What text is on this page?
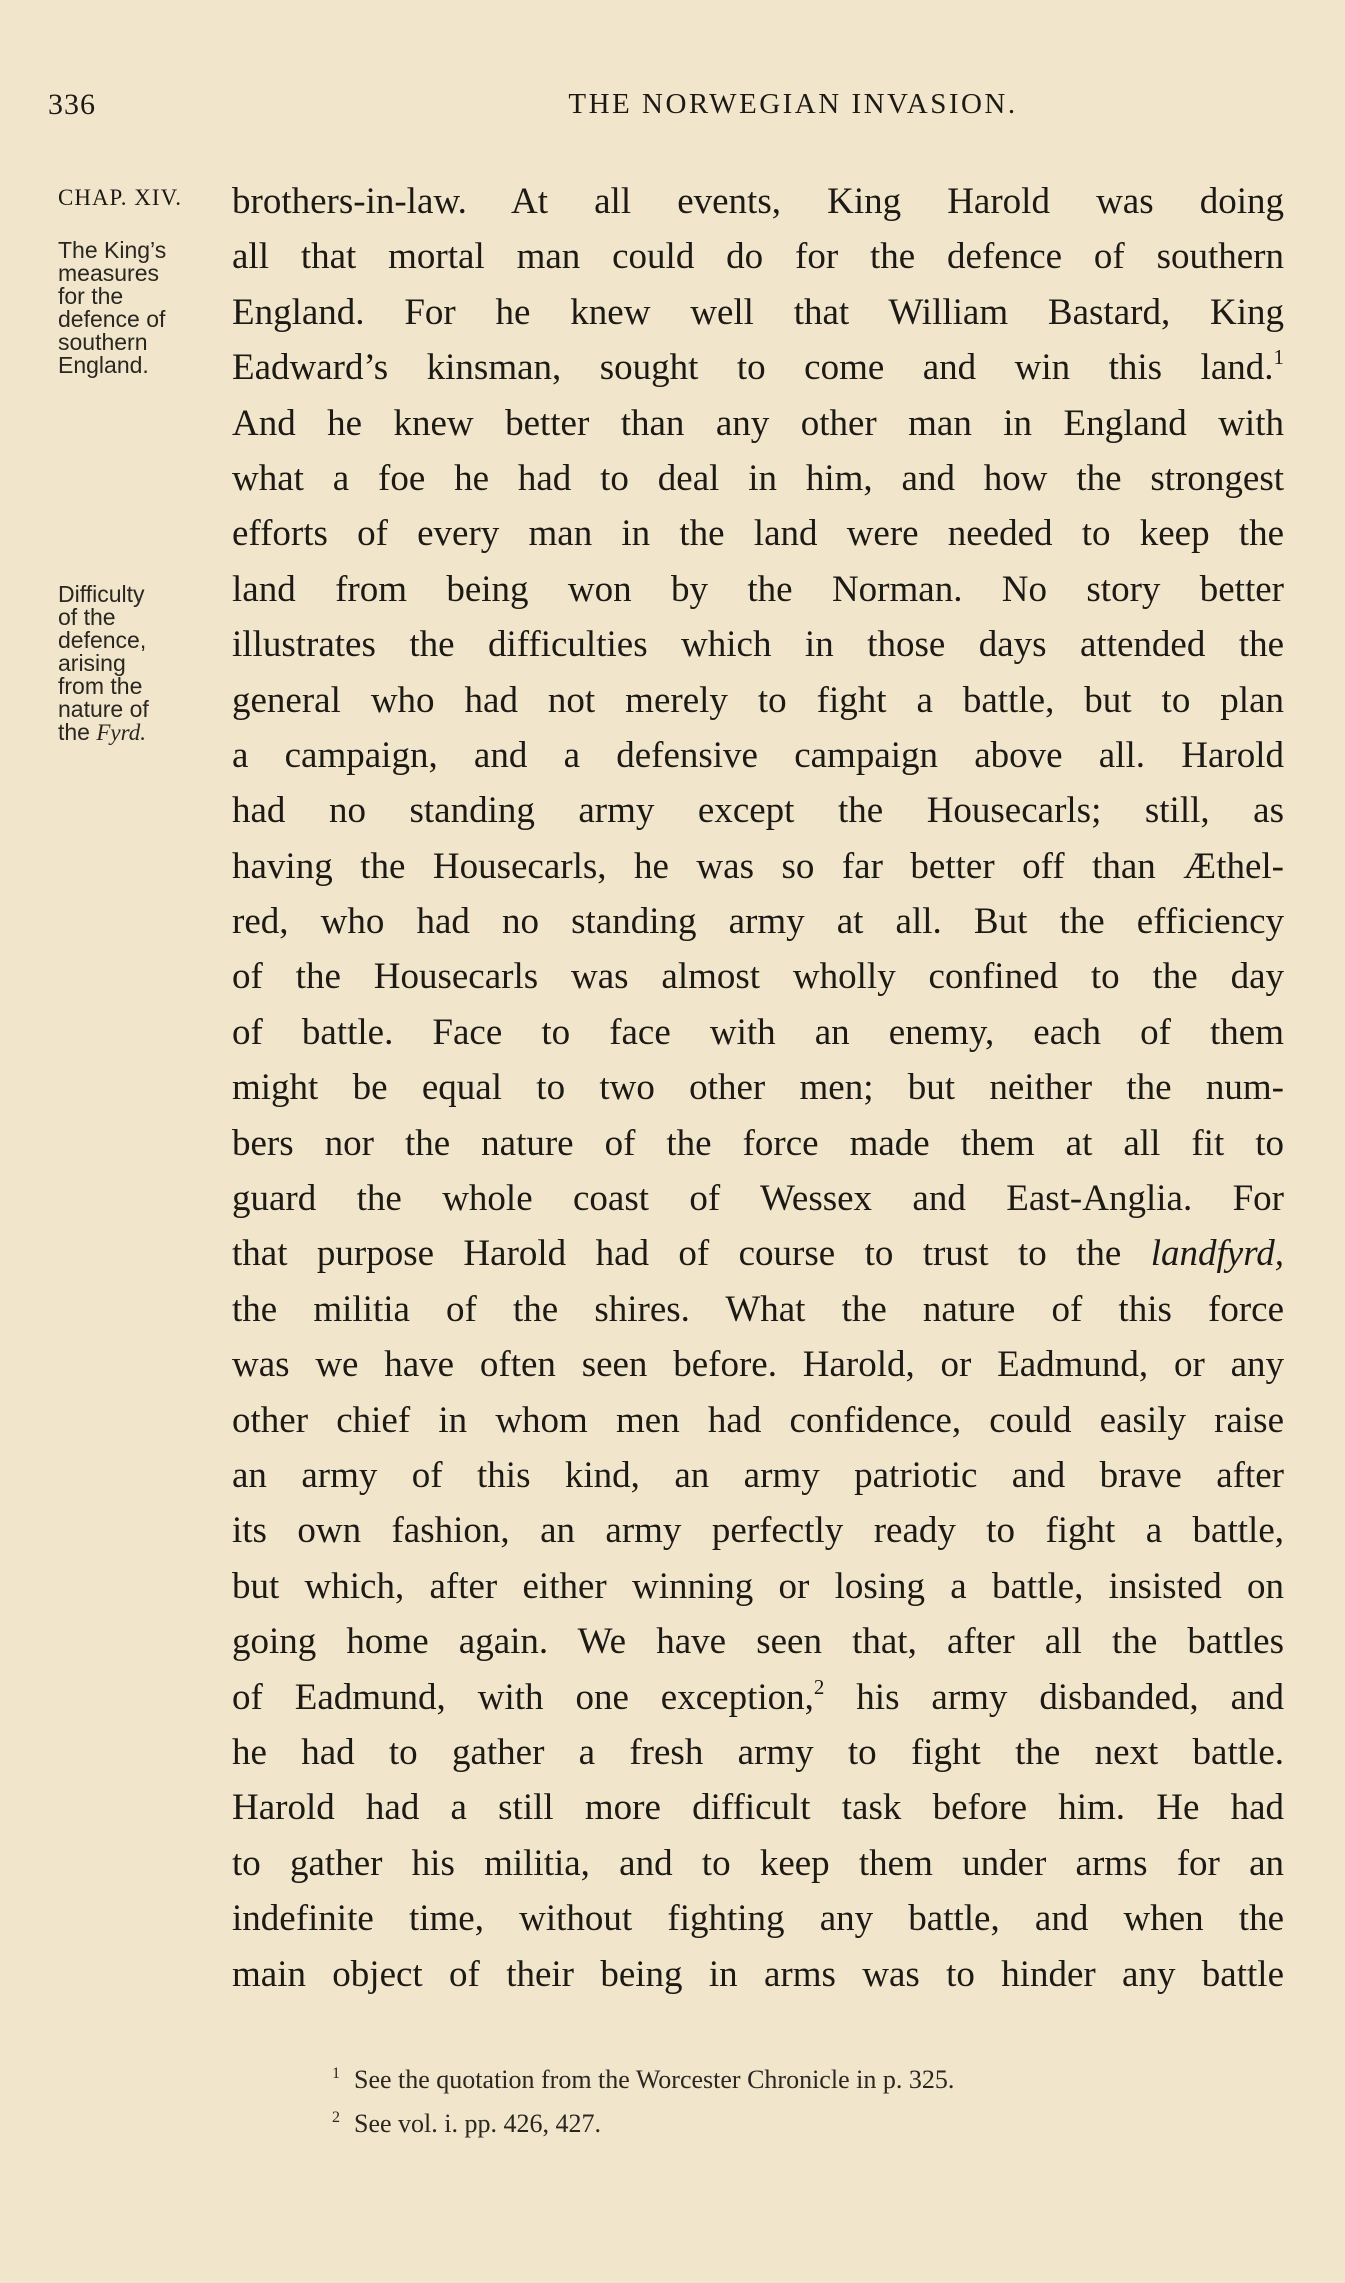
336	THE NORWEGIAN INVASION.
CHAP. XIV.
The King’s
measures
for the
defence of
southern
England.
Difficulty
of the
defence,
arising
from the
nature of
the Fyrd.
brothers-in-law. At all events, King Harold was doing
all that mortal man could do for the defence of southern
England. For he knew well that William Bastard, King
Eadward’s kinsman, sought to come and win this land.$^1$
And he knew better than any other man in England with
what a foe he had to deal in him, and how the strongest
efforts of every man in the land were needed to keep the
land from being won by the Norman. No story better
illustrates the difficulties which in those days attended the
general who had not merely to fight a battle, but to plan
a campaign, and a defensive campaign above all. Harold
had no standing army except the Housecarls; still, as
having the Housecarls, he was so far better off than Æthel-
red, who had no standing army at all. But the efficiency
of the Housecarls was almost wholly confined to the day
of battle. Face to face with an enemy, each of them
might be equal to two other men; but neither the num-
bers nor the nature of the force made them at all fit to
guard the whole coast of Wessex and East-Anglia. For
that purpose Harold had of course to trust to the landfyrd,
the militia of the shires. What the nature of this force
was we have often seen before. Harold, or Eadmund, or any
other chief in whom men had confidence, could easily raise
an army of this kind, an army patriotic and brave after
its own fashion, an army perfectly ready to fight a battle,
but which, after either winning or losing a battle, insisted on
going home again. We have seen that, after all the battles
of Eadmund, with one exception,$^2$ his army disbanded, and
he had to gather a fresh army to fight the next battle.
Harold had a still more difficult task before him. He had
to gather his militia, and to keep them under arms for an
indefinite time, without fighting any battle, and when the
main object of their being in arms was to hinder any battle
$^1$ See the quotation from the Worcester Chronicle in p. 325.
$^2$ See vol. i. pp. 426, 427.
